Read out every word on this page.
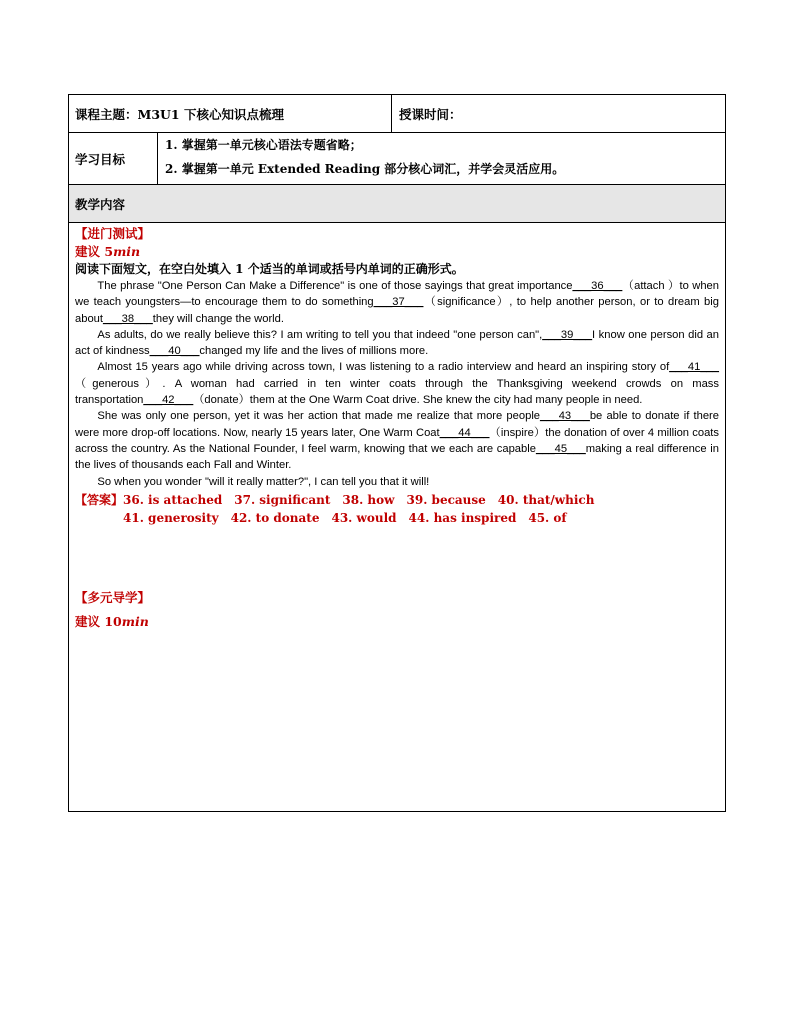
课程主题：M3U1 下核心知识点梳理	授课时间：
学习目标
1. 掌握第一单元核心语法专题省略；
2. 掌握第一单元 Extended Reading 部分核心词汇，并学会灵活应用。
教学内容
【进门测试】
建议 5min
阅读下面短文，在空白处填入 1 个适当的单词或括号内单词的正确形式。

The phrase "One Person Can Make a Difference" is one of those sayings that great importance___36___（attach ）to when we teach youngsters—to encourage them to do something___37___（significance）, to help another person, or to dream big about___38___they will change the world.

As adults, do we really believe this? I am writing to tell you that indeed "one person can",___39___I know one person did an act of kindness___40___changed my life and the lives of millions more.

Almost 15 years ago while driving across town, I was listening to a radio interview and heard an inspiring story of___41___（generous）. A woman had carried in ten winter coats through the Thanksgiving weekend crowds on mass transportation___42___（donate）them at the One Warm Coat drive. She knew the city had many people in need.

She was only one person, yet it was her action that made me realize that more people___43___be able to donate if there were more drop-off locations. Now, nearly 15 years later, One Warm Coat___44___（inspire）the donation of over 4 million coats across the country. As the National Founder, I feel warm, knowing that we each are capable___45___making a real difference in the lives of thousands each Fall and Winter.

So when you wonder "will it really matter?", I can tell you that it will!

【答案】 36. is attached 37. significant 38. how 39. because 40. that/which
41. generosity 42. to donate 43. would 44. has inspired 45. of
【多元导学】
建议 10min
